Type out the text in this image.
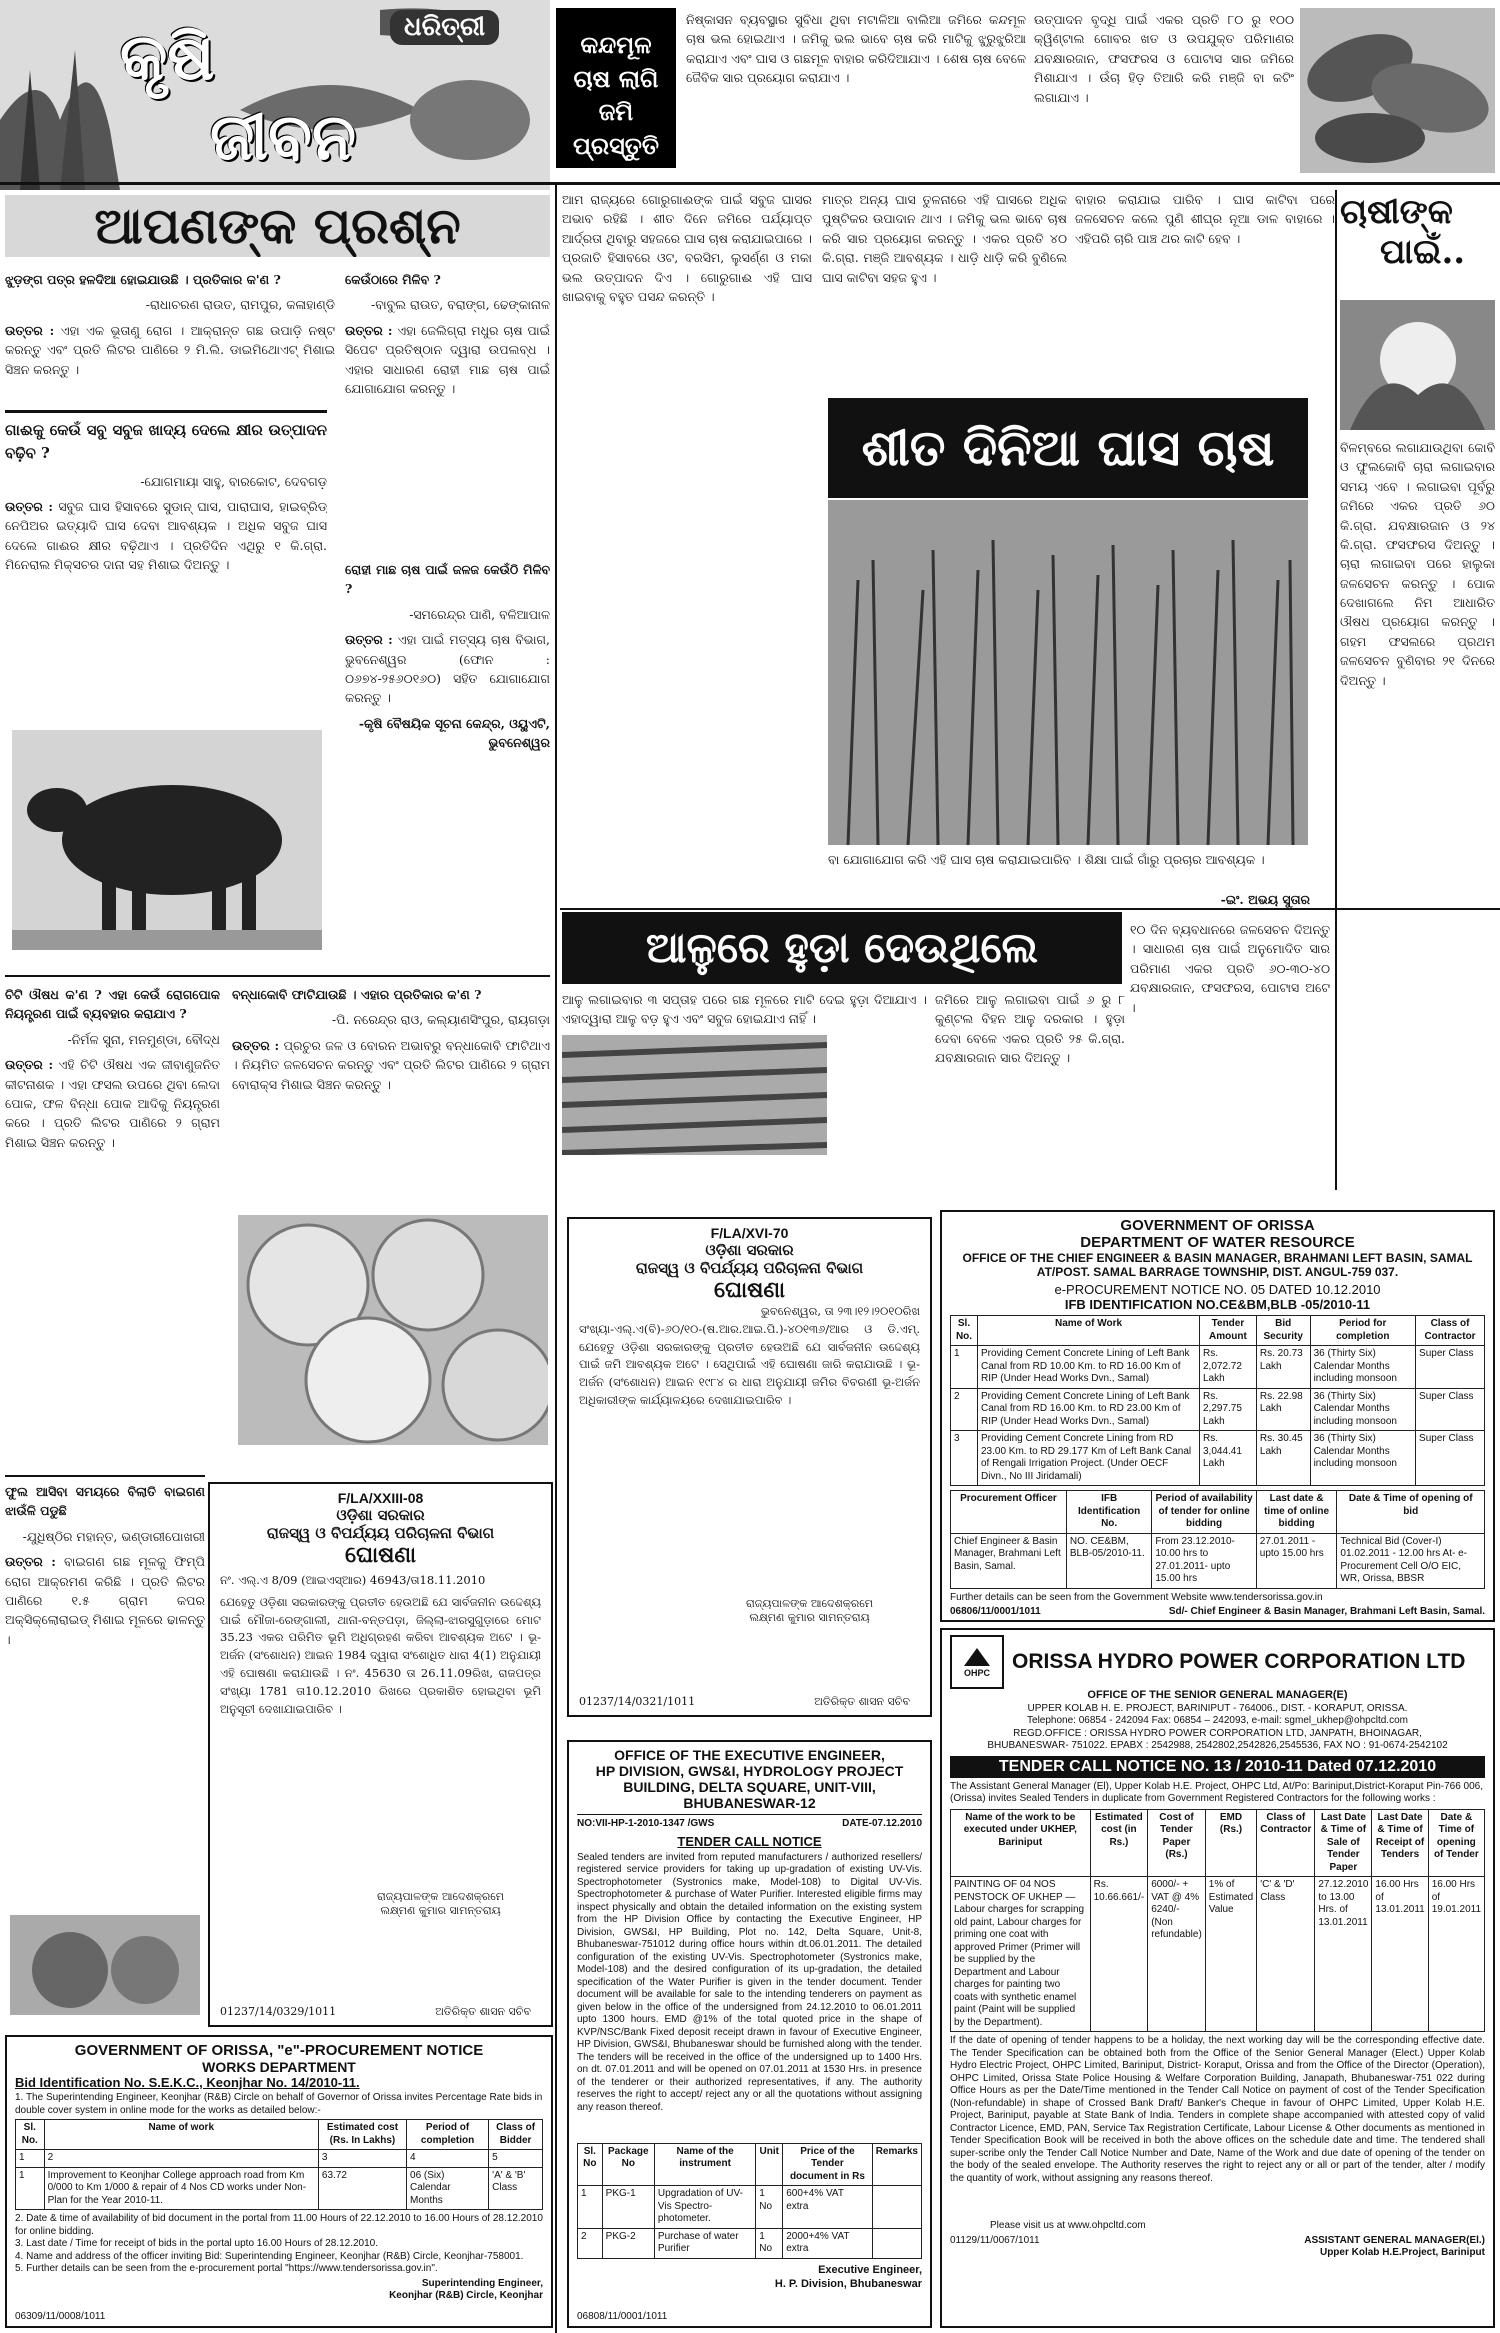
କୃଷି
ଜୀବନ
ଧରିତ୍ରୀ
କନ୍ଦମୂଳ
ଚାଷ ଲାଗି
ଜମି ପ୍ରସ୍ତୁତି
ନିଷ୍କାସନ ବ୍ୟବସ୍ଥାର ସୁବିଧା ଥିବା ମଟାଳିଆ ବାଲିଆ ଜମିରେ କନ୍ଦମୂଳ ଚାଷ ଭଲ ହୋଇଥାଏ । ଜମିକୁ ଭଲ ଭାବେ ଚାଷ କରି ମାଟିକୁ ଝୁରୁଝୁରିଆ କରାଯାଏ ଏବଂ ଘାସ ଓ ଗଛମୂଳ ବାହାର କରିଦିଆଯାଏ । ଶେଷ ଚାଷ ବେଳେ ଜୈବିକ ସାର ପ୍ରୟୋଗ କରାଯାଏ ।
ଉତ୍ପାଦନ ବୃଦ୍ଧି ପାଇଁ ଏକର ପ୍ରତି ୮୦ ରୁ ୧୦୦ କ୍ୱିଣ୍ଟାଲ ଗୋବର ଖତ ଓ ଉପଯୁକ୍ତ ପରିମାଣର ଯବକ୍ଷାରଜାନ, ଫସଫରସ ଓ ପୋଟାସ ସାର ଜମିରେ ମିଶାଯାଏ । ଉଁଚା ହିଡ଼ ତିଆରି କରି ମଞ୍ଜି ବା କଟିଂ ଲଗାଯାଏ ।
ଆପଣଙ୍କ ପ୍ରଶ୍ନ

ଝୁଡ଼ଙ୍ଗ ପତ୍ର ହଳଦିଆ ହୋଇଯାଉଛି । ପ୍ରତିକାର କ'ଣ ?

-ରାଧାଚରଣ ରାଉତ, ରାମପୁର, କଳାହାଣ୍ଡି

ଉତ୍ତର : ଏହା ଏକ ଭୂତାଣୁ ରୋଗ । ଆକ୍ରାନ୍ତ ଗଛ ଉପାଡ଼ି ନଷ୍ଟ କରନ୍ତୁ ଏବଂ ପ୍ରତି ଲିଟର ପାଣିରେ ୨ ମି.ଲି. ଡାଇମିଥୋଏଟ୍ ମିଶାଇ ସିଞ୍ଚନ କରନ୍ତୁ ।

କେଉଁଠାରେ ମିଳିବ ?

-ବାବୁଲ ରାଉତ, ବରାଙ୍ଗ, ଢେଙ୍କାନାଳ

ଉତ୍ତର : ଏହା ଜେଲିଗ୍ରା ମଧୁର ଚାଷ ପାଇଁ ସିପେଟ ପ୍ରତିଷ୍ଠାନ ଦ୍ୱାରା ଉପଲବ୍ଧ । ଏହାର ସାଧାରଣ ରୋହୀ ମାଛ ଚାଷ ପାଇଁ ଯୋଗାଯୋଗ କରନ୍ତୁ ।

ଗାଈକୁ କେଉଁ ସବୁ ସବୁଜ ଖାଦ୍ୟ ଦେଲେ କ୍ଷୀର ଉତ୍ପାଦନ ବଢ଼ିବ ?

-ଯୋଗମାୟା ସାହୁ, ବାରକୋଟ, ଦେବଗଡ଼

ଉତ୍ତର : ସବୁଜ ଘାସ ହିସାବରେ ସୁଡାନ୍ ଘାସ, ପାରାଘାସ, ହାଇବ୍ରିଡ୍ ନେପିଅର ଇତ୍ୟାଦି ଘାସ ଦେବା ଆବଶ୍ୟକ । ଅଧିକ ସବୁଜ ଘାସ ଦେଲେ ଗାଈର କ୍ଷୀର ବଢ଼ିଥାଏ । ପ୍ରତିଦିନ ଏଥିରୁ ୧ କି.ଗ୍ରା. ମିନେରାଲ ମିକ୍ସଚର ଦାନା ସହ ମିଶାଇ ଦିଅନ୍ତୁ ।	ରୋହୀ ମାଛ ଚାଷ ପାଇଁ ଜଳଜ କେଉଁଠି ମିଳିବ ?

-ସମରେନ୍ଦ୍ର ପାଣି, ବଳିଆପାଳ

ଉତ୍ତର : ଏହା ପାଇଁ ମତ୍ସ୍ୟ ଚାଷ ବିଭାଗ, ଭୁବନେଶ୍ୱର (ଫୋନ : ୦୬୭୪-୨୫୬୦୧୬୦) ସହିତ ଯୋଗାଯୋଗ କରନ୍ତୁ ।

-କୃଷି ବୈଷୟିକ ସୂଚନା କେନ୍ଦ୍ର, ଓୟୁଏଟି, ଭୁବନେଶ୍ୱର

ଚିଟି ଔଷଧ କ'ଣ ? ଏହା କେଉଁ ରୋଗପୋକ ନିୟନ୍ତ୍ରଣ ପାଇଁ ବ୍ୟବହାର କରାଯାଏ ?

-ନିର୍ମଳ ସୁନା, ମନମୁଣ୍ଡା, ବୌଦ୍ଧ

ଉତ୍ତର : ଏହି ଚିଟି ଔଷଧ ଏକ ଜୀବାଣୁଜନିତ କୀଟନାଶକ । ଏହା ଫସଲ ଉପରେ ଥିବା ଲେଦା ପୋକ, ଫଳ ବିନ୍ଧା ପୋକ ଆଦିକୁ ନିୟନ୍ତ୍ରଣ କରେ । ପ୍ରତି ଲିଟର ପାଣିରେ ୨ ଗ୍ରାମ ମିଶାଇ ସିଞ୍ଚନ କରନ୍ତୁ ।

ବନ୍ଧାକୋବି ଫାଟିଯାଉଛି । ଏହାର ପ୍ରତିକାର କ'ଣ ?

-ପି. ନରେନ୍ଦ୍ର ରାଓ, କଲ୍ୟାଣସିଂପୁର, ରାୟଗଡ଼ା

ଉତ୍ତର : ପ୍ରଚୁର ଜଳ ଓ ବୋରନ ଅଭାବରୁ ବନ୍ଧାକୋବି ଫାଟିଥାଏ । ନିୟମିତ ଜଳସେଚନ କରନ୍ତୁ ଏବଂ ପ୍ରତି ଲିଟର ପାଣିରେ ୨ ଗ୍ରାମ ବୋରାକ୍ସ ମିଶାଇ ସିଞ୍ଚନ କରନ୍ତୁ ।

ଫୁଲ ଆସିବା ସମୟରେ ବିଲାତି ବାଇଗଣ ଝାଉଁଳି ପଡୁଛି

-ଯୁଧିଷ୍ଠିର ମହାନ୍ତ, ଭଣ୍ଡାରୀପୋଖରୀ

ଉତ୍ତର : ବାଇଗଣ ଗଛ ମୂଳକୁ ଫିମ୍ପି ରୋଗ ଆକ୍ରମଣ କରିଛି । ପ୍ରତି ଲିଟର ପାଣିରେ ୧.୫ ଗ୍ରାମ କପର ଅକ୍ସିକ୍ଲୋରାଇଡ୍ ମିଶାଇ ମୂଳରେ ଢାଳନ୍ତୁ ।

F/LA/XXIII-08
ଓଡ଼ିଶା ସରକାର
ରାଜସ୍ୱ ଓ ବିପର୍ଯ୍ୟୟ ପରିଚାଳନା ବିଭାଗ
ଘୋଷଣା
ନଂ. ଏଲ୍.ଏ 8/09 (ଆଇଏସ୍ଆର) 46943/ତା18.11.2010
ଯେହେତୁ ଓଡ଼ିଶା ସରକାରଙ୍କୁ ପ୍ରତୀତ ହେଉଅଛି ଯେ ସାର୍ବଜନୀନ ଉଦ୍ଦେଶ୍ୟ ପାଇଁ ମୌଜା-ରେଙ୍ଗାଲୀ, ଥାନା-ବନ୍ତପଡ଼ା, ଜିଲ୍ଲା-ଝାରସୁଗୁଡ଼ାରେ ମୋଟ 35.23 ଏକର ପରିମିତ ଭୂମି ଅଧିଗ୍ରହଣ କରିବା ଆବଶ୍ୟକ ଅଟେ । ଭୂ-ଅର୍ଜନ (ସଂଶୋଧନ) ଆଇନ 1984 ଦ୍ୱାରା ସଂଶୋଧିତ ଧାରା 4(1) ଅନୁଯାୟୀ ଏହି ଘୋଷଣା କରାଯାଉଛି । ନଂ. 45630 ତା 26.11.09ରିଖ, ରାଜପତ୍ର ସଂଖ୍ୟା 1781 ତା10.12.2010 ରିଖରେ ପ୍ରକାଶିତ ହୋଇଥିବା ଭୂମି ଅନୁସୂଚୀ ଦେଖାଯାଇପାରିବ ।
ରାଜ୍ୟପାଳଙ୍କ ଆଦେଶକ୍ରମେ
ଲକ୍ଷ୍ମଣ କୁମାର ସାମନ୍ତରାୟ
01237/14/0329/1011	ଅତିରିକ୍ତ ଶାସନ ସଚିବ
GOVERNMENT OF ORISSA, "e"-PROCUREMENT NOTICE
WORKS DEPARTMENT
Bid Identification No. S.E.K.C., Keonjhar No. 14/2010-11.
1. The Superintending Engineer, Keonjhar (R&B) Circle on behalf of Governor of Orissa invites Percentage Rate bids in double cover system in online mode for the works as detailed below:-
Sl. No.	Name of work	Estimated cost (Rs. In Lakhs)	Period of completion	Class of Bidder
1	2	3	4	5
1	Improvement to Keonjhar College approach road from Km 0/000 to Km 1/000 & repair of 4 Nos CD works under Non-Plan for the Year 2010-11.	63.72	06 (Six) Calendar Months	'A' & 'B' Class
2. Date & time of availability of bid document in the portal from 11.00 Hours of 22.12.2010 to 16.00 Hours of 28.12.2010 for online bidding.
3. Last date / Time for receipt of bids in the portal upto 16.00 Hours of 28.12.2010.
4. Name and address of the officer inviting Bid: Superintending Engineer, Keonjhar (R&B) Circle, Keonjhar-758001.
5. Further details can be seen from the e-procurement portal "https://www.tendersorissa.gov.in".
Superintending Engineer,
Keonjhar (R&B) Circle, Keonjhar
06309/11/0008/1011
ଆମ ରାଜ୍ୟରେ ଗୋରୁଗାଈଙ୍କ ପାଇଁ ସବୁଜ ଘାସର ଅଭାବ ରହିଛି । ଶୀତ ଦିନେ ଜମିରେ ପର୍ଯ୍ୟାପ୍ତ ଆର୍ଦ୍ରତା ଥିବାରୁ ସହଜରେ ଘାସ ଚାଷ କରାଯାଇପାରେ । ପ୍ରଜାତି ହିସାବରେ ଓଟ, ବରସିମ, ଲୁସର୍ଣ୍ଣ ଓ ମକା ଭଲ ଉତ୍ପାଦନ ଦିଏ । ଗୋରୁଗାଈ ଏହି ଘାସ ଖାଇବାକୁ ବହୁତ ପସନ୍ଦ କରନ୍ତି ।
ମାତ୍ର ଅନ୍ୟ ଘାସ ତୁଳନାରେ ଏହି ଘାସରେ ଅଧିକ ପୁଷ୍ଟିକର ଉପାଦାନ ଥାଏ । ଜମିକୁ ଭଲ ଭାବେ ଚାଷ କରି ସାର ପ୍ରୟୋଗ କରନ୍ତୁ । ଏକର ପ୍ରତି ୪୦ କି.ଗ୍ରା. ମଞ୍ଜି ଆବଶ୍ୟକ । ଧାଡ଼ି ଧାଡ଼ି କରି ବୁଣିଲେ ଘାସ କାଟିବା ସହଜ ହୁଏ ।
ବାହାର କରାଯାଇ ପାରିବ । ଘାସ କାଟିବା ପରେ ଜଳସେଚନ କଲେ ପୁଣି ଶୀଘ୍ର ନୂଆ ଡାଳ ବାହାରେ । ଏହିପରି ଚାରି ପାଞ୍ଚ ଥର କାଟି ହେବ ।
ଶୀତ ଦିନିଆ ଘାସ ଚାଷ
ବା ଯୋଗାଯୋଗ କରି ଏହି ଘାସ ଚାଷ କରାଯାଇପାରିବ । ଶିକ୍ଷା ପାଇଁ ଗାଁରୁ ପ୍ରଚାର ଆବଶ୍ୟକ ।
-ଇଂ. ଅଭୟ ସୁତାର
ଚାଷୀଙ୍କ
ପାଇଁ..
ବିଳମ୍ବରେ ଲଗାଯାଉଥିବା କୋବି ଓ ଫୁଲକୋବି ଚାରା ଲଗାଇବାର ସମୟ ଏବେ । ଲଗାଇବା ପୂର୍ବରୁ ଜମିରେ ଏକର ପ୍ରତି ୬୦ କି.ଗ୍ରା. ଯବକ୍ଷାରଜାନ ଓ ୨୪ କି.ଗ୍ରା. ଫସଫରସ ଦିଅନ୍ତୁ । ଚାରା ଲଗାଇବା ପରେ ହାଲୁକା ଜଳସେଚନ କରନ୍ତୁ । ପୋକ ଦେଖାଗଲେ ନିମ ଆଧାରିତ ଔଷଧ ପ୍ରୟୋଗ କରନ୍ତୁ । ଗହମ ଫସଲରେ ପ୍ରଥମ ଜଳସେଚନ ବୁଣିବାର ୨୧ ଦିନରେ ଦିଅନ୍ତୁ ।
ଆଳୁରେ ହୁଡ଼ା ଦେଉଥିଲେ
ଆଳୁ ଲଗାଇବାର ୩ ସପ୍ତାହ ପରେ ଗଛ ମୂଳରେ ମାଟି ଦେଇ ହୁଡ଼ା ଦିଆଯାଏ । ଏହାଦ୍ୱାରା ଆଳୁ ବଡ଼ ହୁଏ ଏବଂ ସବୁଜ ହୋଇଯାଏ ନାହିଁ ।
ଜମିରେ ଆଳୁ ଲଗାଇବା ପାଇଁ ୬ ରୁ ୮ କୁଣ୍ଟଲ ବିହନ ଆଳୁ ଦରକାର । ହୁଡ଼ା ଦେବା ବେଳେ ଏକର ପ୍ରତି ୨୫ କି.ଗ୍ରା. ଯବକ୍ଷାରଜାନ ସାର ଦିଅନ୍ତୁ ।
୧୦ ଦିନ ବ୍ୟବଧାନରେ ଜଳସେଚନ ଦିଅନ୍ତୁ । ସାଧାରଣ ଚାଷ ପାଇଁ ଅନୁମୋଦିତ ସାର ପରିମାଣ ଏକର ପ୍ରତି ୬୦-୩୦-୪୦ ଯବକ୍ଷାରଜାନ, ଫସଫରସ, ପୋଟାସ ଅଟେ ।
F/LA/XVI-70
ଓଡ଼ିଶା ସରକାର
ରାଜସ୍ୱ ଓ ବିପର୍ଯ୍ୟୟ ପରିଚାଳନା ବିଭାଗ
ଘୋଷଣା
ଭୁବନେଶ୍ୱର, ତା ୨୩।୧୨।୨୦୧୦ରିଖ
ସଂଖ୍ୟା-ଏଲ୍.ଏ(ବି)-୬୦/୧୦-(ଷ.ଆର.ଆଇ.ପି.)-୪୦୧୩୬/ଆର ଓ ଡି.ଏମ୍. ଯେହେତୁ ଓଡ଼ିଶା ସରକାରଙ୍କୁ ପ୍ରତୀତ ହେଉଅଛି ଯେ ସାର୍ବଜନୀନ ଉଦ୍ଦେଶ୍ୟ ପାଇଁ ଜମି ଆବଶ୍ୟକ ଅଟେ । ସେଥିପାଇଁ ଏହି ଘୋଷଣା ଜାରି କରାଯାଉଛି । ଭୂ-ଅର୍ଜନ (ସଂଶୋଧନ) ଆଇନ ୧୯୮୪ ର ଧାରା ଅନୁଯାୟୀ ଜମିର ବିବରଣୀ ଭୂ-ଅର୍ଜନ ଅଧିକାରୀଙ୍କ କାର୍ଯ୍ୟାଳୟରେ ଦେଖାଯାଇପାରିବ ।
ରାଜ୍ୟପାଳଙ୍କ ଆଦେଶକ୍ରମେ
ଲକ୍ଷ୍ମଣ କୁମାର ସାମନ୍ତରାୟ
01237/14/0321/1011	ଅତିରିକ୍ତ ଶାସନ ସଚିବ
OFFICE OF THE EXECUTIVE ENGINEER,
HP DIVISION, GWS&I, HYDROLOGY PROJECT
BUILDING, DELTA SQUARE, UNIT-VIII,
BHUBANESWAR-12
NO:VII-HP-1-2010-1347 /GWS	DATE-07.12.2010
TENDER CALL NOTICE
Sealed tenders are invited from reputed manufacturers / authorized resellers/ registered service providers for taking up up-gradation of existing UV-Vis. Spectrophotometer (Systronics make, Model-108) to Digital UV-Vis. Spectrophotometer & purchase of Water Purifier. Interested eligible firms may inspect physically and obtain the detailed information on the existing system from the HP Division Office by contacting the Executive Engineer, HP Division, GWS&I, HP Building, Plot no. 142, Delta Square, Unit-8, Bhubaneswar-751012 during office hours within dt.06.01.2011. The detailed configuration of the existing UV-Vis. Spectrophotometer (Systronics make, Model-108) and the desired configuration of its up-gradation, the detailed specification of the Water Purifier is given in the tender document. Tender document will be available for sale to the intending tenderers on payment as given below in the office of the undersigned from 24.12.2010 to 06.01.2011 upto 1300 hours. EMD @1% of the total quoted price in the shape of KVP/NSC/Bank Fixed deposit receipt drawn in favour of Executive Engineer, HP Division, GWS&I, Bhubaneswar should be furnished along with the tender. The tenders will be received in the office of the undersigned up to 1400 Hrs. on dt. 07.01.2011 and will be opened on 07.01.2011 at 1530 Hrs. in presence of the tenderer or their authorized representatives, if any. The authority reserves the right to accept/ reject any or all the quotations without assigning any reason thereof.
Sl. No	Package No	Name of the instrument	Unit	Price of the Tender document in Rs	Remarks
1	PKG-1	Upgradation of UV-Vis Spectro-photometer.	1 No	600+4% VAT extra	
2	PKG-2	Purchase of water Purifier	1 No	2000+4% VAT extra	
Executive Engineer,
H. P. Division, Bhubaneswar
06808/11/0001/1011
GOVERNMENT OF ORISSA
DEPARTMENT OF WATER RESOURCE
OFFICE OF THE CHIEF ENGINEER & BASIN MANAGER, BRAHMANI LEFT BASIN, SAMAL AT/POST. SAMAL BARRAGE TOWNSHIP, DIST. ANGUL-759 037.
e-PROCUREMENT NOTICE NO. 05 DATED 10.12.2010
IFB IDENTIFICATION NO.CE&BM,BLB -05/2010-11
Sl. No.	Name of Work	Tender Amount	Bid Security	Period for completion	Class of Contractor
1	Providing Cement Concrete Lining of Left Bank Canal from RD 10.00 Km. to RD 16.00 Km of RIP (Under Head Works Dvn., Samal)	Rs. 2,072.72 Lakh	Rs. 20.73 Lakh	36 (Thirty Six) Calendar Months including monsoon	Super Class
2	Providing Cement Concrete Lining of Left Bank Canal from RD 16.00 Km. to RD 23.00 Km of RIP (Under Head Works Dvn., Samal)	Rs. 2,297.75 Lakh	Rs. 22.98 Lakh	36 (Thirty Six) Calendar Months including monsoon	Super Class
3	Providing Cement Concrete Lining from RD 23.00 Km. to RD 29.177 Km of Left Bank Canal of Rengali Irrigation Project. (Under OECF Divn., No III Jiridamali)	Rs. 3,044.41 Lakh	Rs. 30.45 Lakh	36 (Thirty Six) Calendar Months including monsoon	Super Class
Procurement Officer	IFB Identification No.	Period of availability of tender for online bidding	Last date & time of online bidding	Date & Time of opening of bid
Chief Engineer & Basin Manager, Brahmani Left Basin, Samal.	NO. CE&BM, BLB-05/2010-11.	From 23.12.2010-10.00 hrs to 27.01.2011- upto 15.00 hrs	27.01.2011 - upto 15.00 hrs	Technical Bid (Cover-I) 01.02.2011 - 12.00 hrs At- e-Procurement Cell O/O EIC, WR, Orissa, BBSR
Further details can be seen from the Government Website www.tendersorissa.gov.in
06806/11/0001/1011	Sd/- Chief Engineer & Basin Manager, Brahmani Left Basin, Samal.
OHPC ORISSA HYDRO POWER CORPORATION LTD
OFFICE OF THE SENIOR GENERAL MANAGER(E)
UPPER KOLAB H. E. PROJECT, BARINIPUT - 764006., DIST. - KORAPUT, ORISSA.
Telephone: 06854 - 242094 Fax: 06854 – 242093, e-mail: sgmel_ukhep@ohpcltd.com
REGD.OFFICE : ORISSA HYDRO POWER CORPORATION LTD, JANPATH, BHOINAGAR,
BHUBANESWAR- 751022. EPABX : 2542988, 2542802,2542826,2545536, FAX NO : 91-0674-2542102
TENDER CALL NOTICE NO. 13 / 2010-11 Dated 07.12.2010
The Assistant General Manager (El), Upper Kolab H.E. Project, OHPC Ltd, At/Po: Bariniput,District-Koraput Pin-766 006,(Orissa) invites Sealed Tenders in duplicate from Government Registered Contractors for the following works :
Name of the work to be executed under UKHEP, Bariniput	Estimated cost (in Rs.)	Cost of Tender Paper (Rs.)	EMD (Rs.)	Class of Contractor	Last Date & Time of Sale of Tender Paper	Last Date & Time of Receipt of Tenders	Date & Time of opening of Tender
PAINTING OF 04 NOS PENSTOCK OF UKHEP — Labour charges for scrapping old paint, Labour charges for priming one coat with approved Primer (Primer will be supplied by the Department and Labour charges for painting two coats with synthetic enamel paint (Paint will be supplied by the Department).	Rs. 10.66.661/-	6000/- + VAT @ 4% 6240/- (Non refundable)	1% of Estimated Value	'C' & 'D' Class	27.12.2010 to 13.00 Hrs. of 13.01.2011	16.00 Hrs of 13.01.2011	16.00 Hrs of 19.01.2011
If the date of opening of tender happens to be a holiday, the next working day will be the corresponding effective date. The Tender Specification can be obtained both from the Office of the Senior General Manager (Elect.) Upper Kolab Hydro Electric Project, OHPC Limited, Bariniput, District- Koraput, Orissa and from the Office of the Director (Operation), OHPC Limited, Orissa State Police Housing & Welfare Corporation Building, Janapath, Bhubaneswar-751 022 during Office Hours as per the Date/Time mentioned in the Tender Call Notice on payment of cost of the Tender Specification (Non-refundable) in shape of Crossed Bank Draft/ Banker's Cheque in favour of OHPC Limited, Upper Kolab H.E. Project, Bariniput, payable at State Bank of India. Tenders in complete shape accompanied with attested copy of valid Contractor Licence, EMD, PAN, Service Tax Registration Certificate, Labour License & Other documents as mentioned in Tender Specification Book will be received in both the above offices on the schedule date and time. The tendered shall super-scribe only the Tender Call Notice Number and Date, Name of the Work and due date of opening of the tender on the body of the sealed envelope. The Authority reserves the right to reject any or all or part of the tender, alter / modify the quantity of work, without assigning any reasons thereof.
Please visit us at www.ohpcltd.com
01129/11/0067/1011	ASSISTANT GENERAL MANAGER(El.)
Upper Kolab H.E.Project, Bariniput
